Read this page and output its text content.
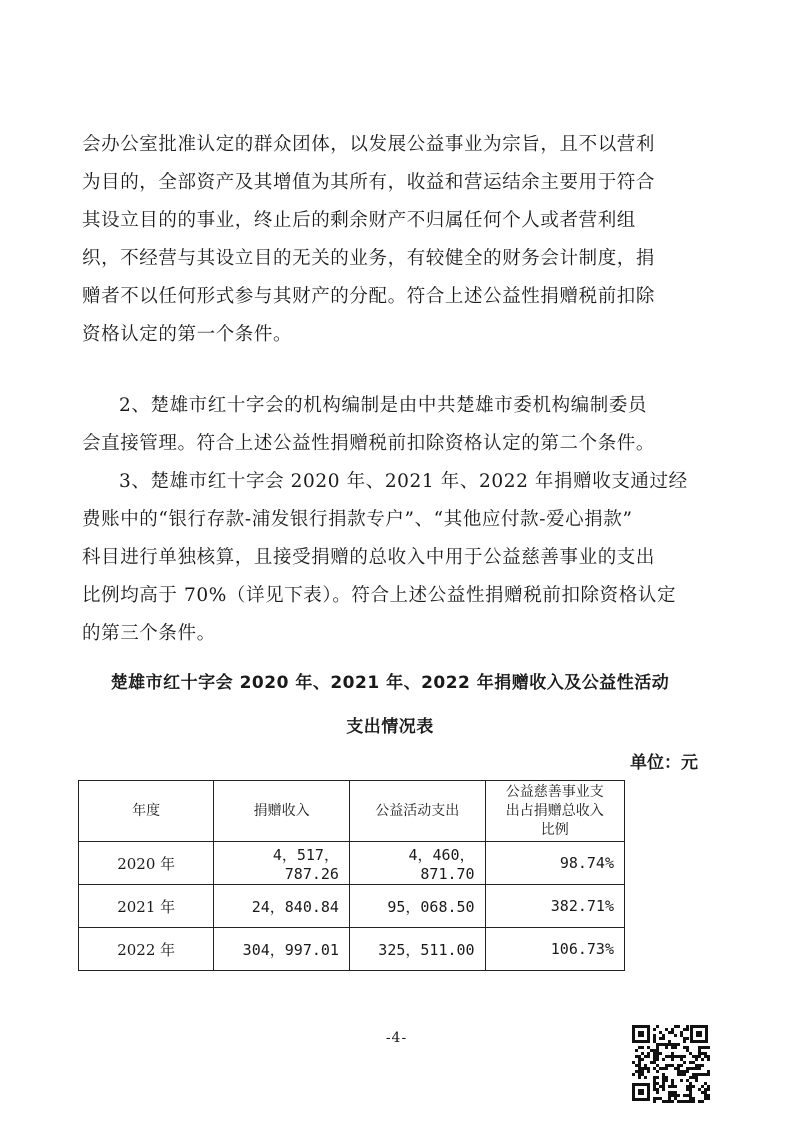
会办公室批准认定的群众团体，以发展公益事业为宗旨，且不以营利
为目的，全部资产及其增值为其所有，收益和营运结余主要用于符合
其设立目的的事业，终止后的剩余财产不归属任何个人或者营利组
织，不经营与其设立目的无关的业务，有较健全的财务会计制度，捐
赠者不以任何形式参与其财产的分配。符合上述公益性捐赠税前扣除
资格认定的第一个条件。
2、楚雄市红十字会的机构编制是由中共楚雄市委机构编制委员
会直接管理。符合上述公益性捐赠税前扣除资格认定的第二个条件。
3、楚雄市红十字会 2020 年、2021 年、2022 年捐赠收支通过经
费账中的“银行存款-浦发银行捐款专户”、“其他应付款-爱心捐款”
科目进行单独核算，且接受捐赠的总收入中用于公益慈善事业的支出
比例均高于 70%（详见下表）。符合上述公益性捐赠税前扣除资格认定
的第三个条件。
楚雄市红十字会 2020 年、2021 年、2022 年捐赠收入及公益性活动
支出情况表
单位：元
年度	捐赠收入	公益活动支出	公益慈善事业支
出占捐赠总收入
比例
2020 年	4，517，787.26	4，460，871.70	98.74%
2021 年	24，840.84	95，068.50	382.71%
2022 年	304，997.01	325，511.00	106.73%
-4-
